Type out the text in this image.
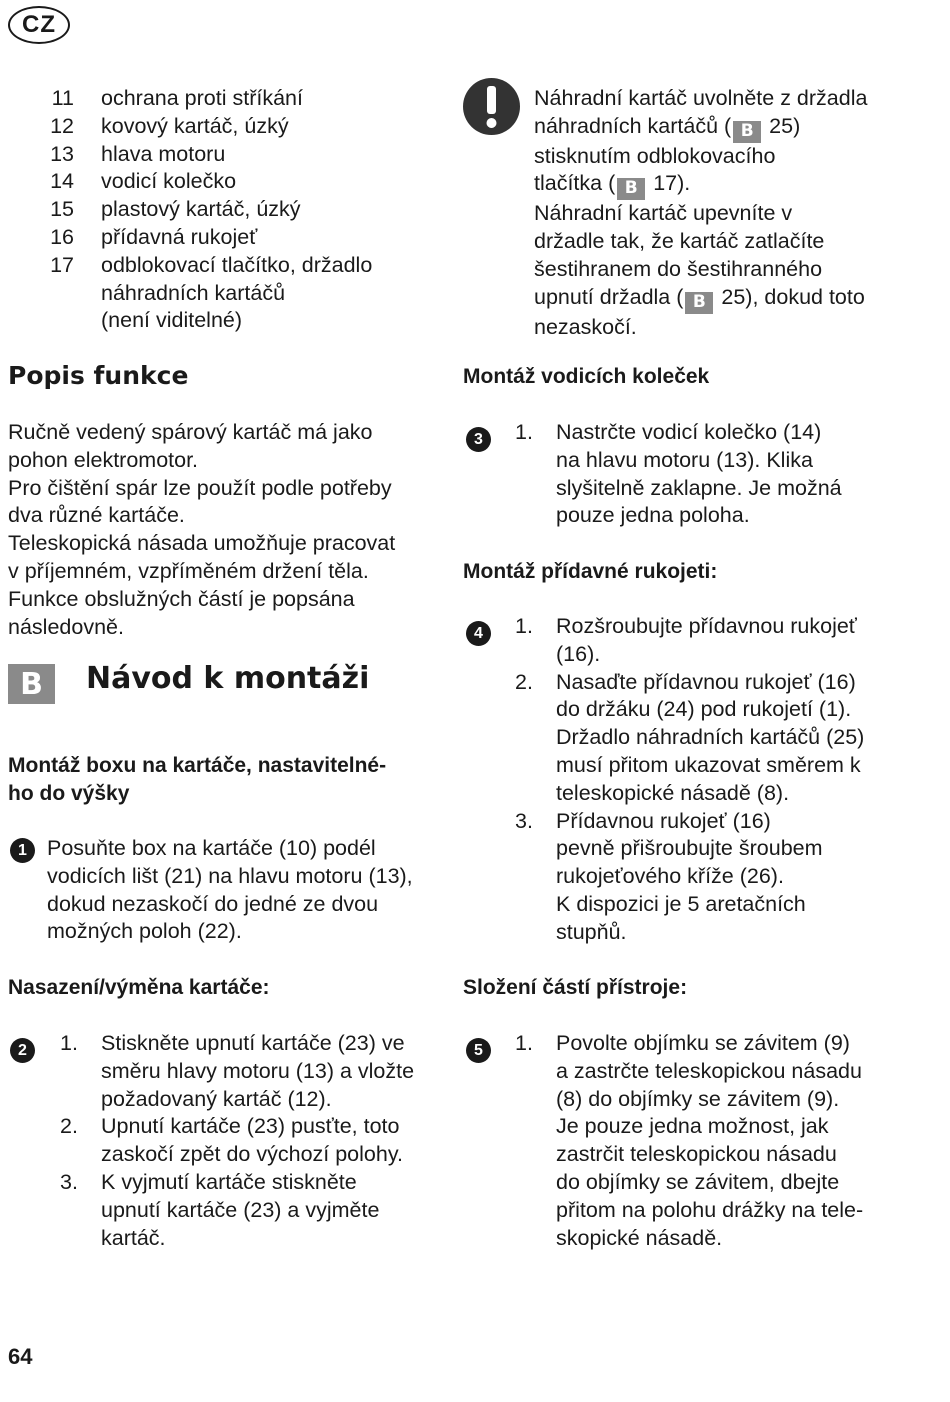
CZ
11 ochrana proti stříkání
12 kovový kartáč, úzký
13 hlava motoru
14 vodicí kolečko
15 plastový kartáč, úzký
16 přídavná rukojeť
17 odblokovací tlačítko, držadlo
náhradních kartáčů
(není viditelné)
Popis funkce
Ručně vedený spárový kartáč má jako
pohon elektromotor.
Pro čištění spár lze použít podle potřeby
dva různé kartáče.
Teleskopická násada umožňuje pracovat
v příjemném, vzpříměném držení těla.
Funkce obslužných částí je popsána
následovně.
B	Návod k montáži
Montáž boxu na kartáče, nastavitelné-
ho do výšky
1 Posuňte box na kartáče (10) podél
vodicích lišt (21) na hlavu motoru (13),
dokud nezaskočí do jedné ze dvou
možných poloh (22).
Nasazení/výměna kartáče:
2	1. Stiskněte upnutí kartáče (23) ve
směru hlavy motoru (13) a vložte
požadovaný kartáč (12).
2. Upnutí kartáče (23) pusťte, toto
zaskočí zpět do výchozí polohy.
3. K vyjmutí kartáče stiskněte
upnutí kartáče (23) a vyjměte
kartáč.
Náhradní kartáč uvolněte z držadla
náhradních kartáčů ( B 25)
stisknutím odblokovacího
tlačítka ( B 17).
Náhradní kartáč upevníte v
držadle tak, že kartáč zatlačíte
šestihranem do šestihranného
upnutí držadla ( B 25), dokud toto
nezaskočí.
Montáž vodicích koleček
3	1. Nastrčte vodicí kolečko (14)
na hlavu motoru (13). Klika
slyšitelně zaklapne. Je možná
pouze jedna poloha.
Montáž přídavné rukojeti:
4	1. Rozšroubujte přídavnou rukojeť
(16).
2. Nasaďte přídavnou rukojeť (16)
do držáku (24) pod rukojetí (1).
Držadlo náhradních kartáčů (25)
musí přitom ukazovat směrem k
teleskopické násadě (8).
3. Přídavnou rukojeť (16)
pevně přišroubujte šroubem
rukojeťového kříže (26).
K dispozici je 5 aretačních
stupňů.
Složení částí přístroje:
5	1. Povolte objímku se závitem (9)
a zastrčte teleskopickou násadu
(8) do objímky se závitem (9).
Je pouze jedna možnost, jak
zastrčit teleskopickou násadu
do objímky se závitem, dbejte
přitom na polohu drážky na tele-
skopické násadě.
64
